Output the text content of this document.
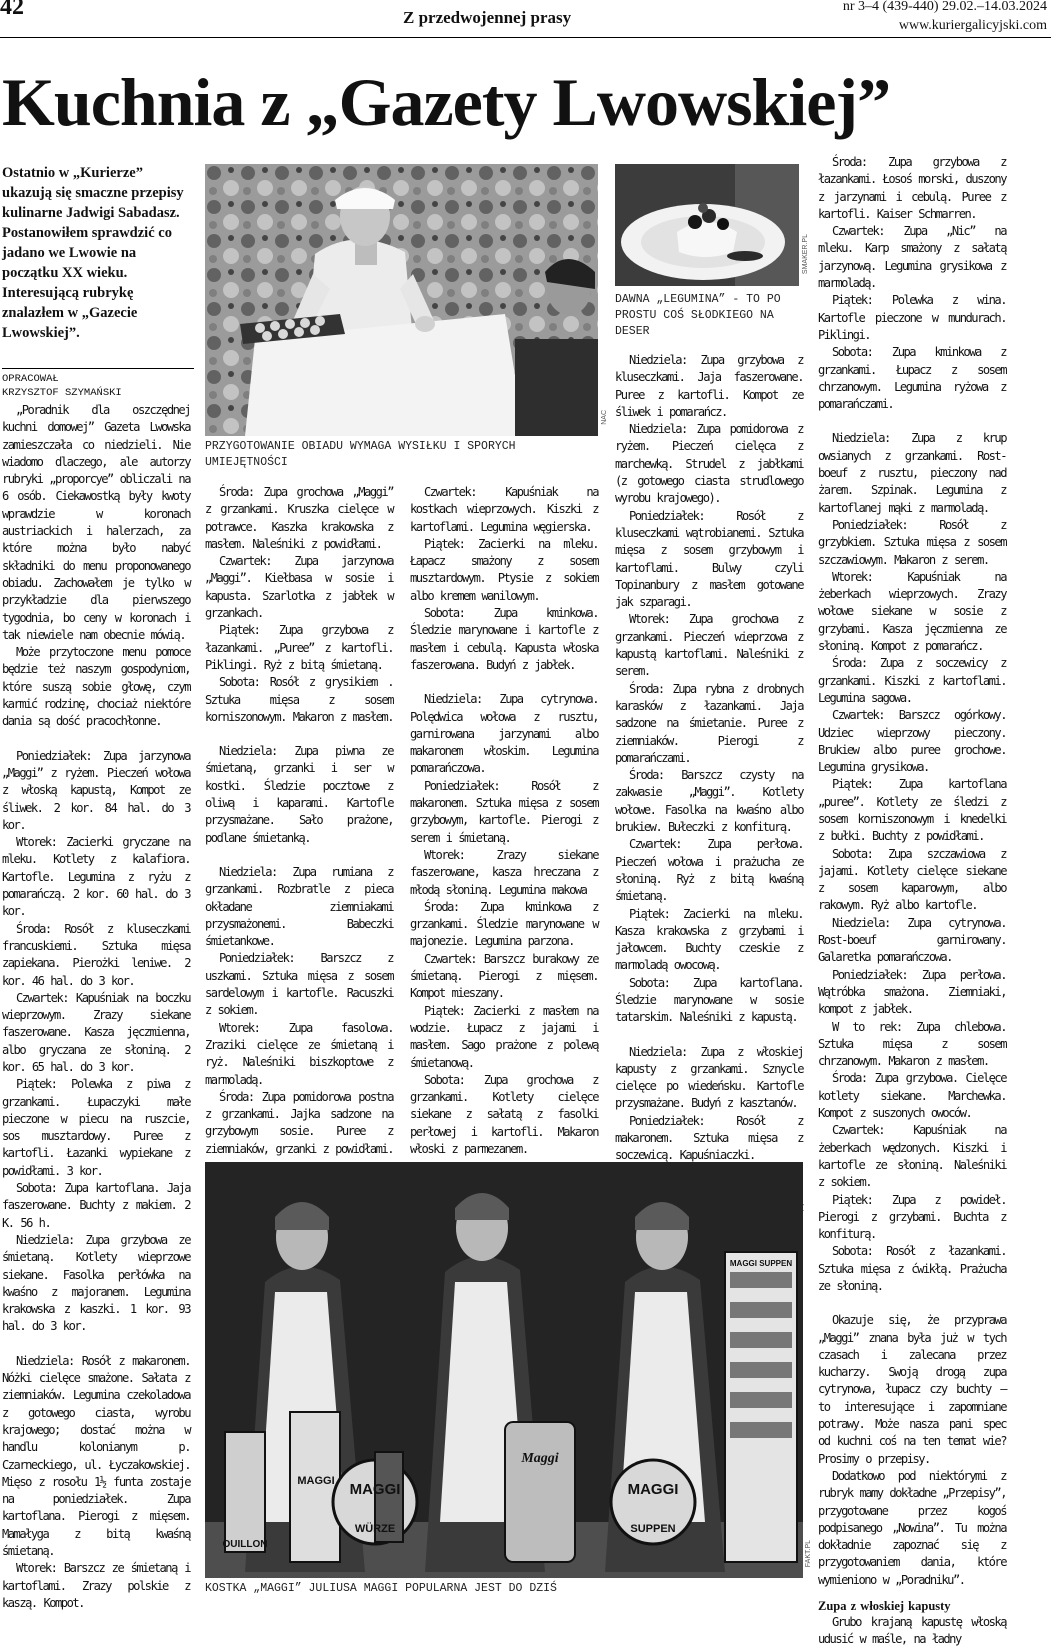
42	Z przedwojennej prasy
nr 3–4 (439-440) 29.02.–14.03.2024
www.kuriergalicyjski.com
Kuchnia z „Gazety Lwowskiej”
Ostatnio w „Kurierze” ukazują się smaczne przepisy kulinarne Jadwigi Sabadasz. Postanowiłem sprawdzić co jadano we Lwowie na początku XX wieku. Interesującą rubrykę znalazłem w „Gazecie Lwowskiej”.
OPRACOWAŁ
KRZYSZTOF SZYMAŃSKI

„Poradnik dla oszczędnej kuchni domowej” Gazeta Lwowska zamieszczała co niedzieli. Nie wiadomo dlaczego, ale autorzy rubryki „proporcye” obliczali na 6 osób. Ciekawostką były kwoty wprawdzie w koronach austriackich i halerzach, za które można było nabyć składniki do menu proponowanego obiadu. Zachowałem je tylko w przykładzie dla pierwszego tygodnia, bo ceny w koronach i tak niewiele nam obecnie mówią.

Może przytoczone menu pomoce będzie też naszym gospodyniom, które suszą sobie głowę, czym karmić rodzinę, chociaż niektóre dania są dość pracochłonne.

Poniedziałek: Zupa jarzynowa „Maggi” z ryżem. Pieczeń wołowa z włoską kapustą, Kompot ze śliwek. 2 kor. 84 hal. do 3 kor.

Wtorek: Zacierki gryczane na mleku. Kotlety z kalafiora. Kartofle. Legumina z ryżu z pomarańczą. 2 kor. 60 hal. do 3 kor.

Środa: Rosół z kluseczkami francuskiemi. Sztuka mięsa zapiekana. Pierożki leniwe. 2 kor. 46 hal. do 3 kor.

Czwartek: Kapuśniak na boczku wieprzowym. Zrazy siekane faszerowane. Kasza jęczmienna, albo gryczana ze słoniną. 2 kor. 65 hal. do 3 kor.

Piątek: Polewka z piwa z grzankami. Łupaczyki małe pieczone w piecu na ruszcie, sos musztardowy. Puree z kartofli. Łazanki wypiekane z powidłami. 3 kor.

Sobota: Zupa kartoflana. Jaja faszerowane. Buchty z makiem. 2 K. 56 h.

Niedziela: Zupa grzybowa ze śmietaną. Kotlety wieprzowe siekane. Fasolka perłówka na kwaśno z majoranem. Legumina krakowska z kaszki. 1 kor. 93 hal. do 3 kor.

Niedziela: Rosół z makaronem. Nóżki cielęce smażone. Sałata z ziemniaków. Legumina czekoladowa z gotowego ciasta, wyrobu krajowego; dostać można w handlu kolonianym p. Czarneckiego, ul. Łyczakowskiej. Mięso z rosołu 1½ funta zostaje na poniedziałek. Zupa kartoflana. Pierogi z mięsem. Mamałyga z bitą kwaśną śmietaną.

Wtorek: Barszcz ze śmietaną i kartoflami. Zrazy polskie z kaszą. Kompot.

NAC
PRZYGOTOWANIE OBIADU WYMAGA WYSIŁKU I SPORYCH UMIEJĘTNOŚCI
SMAKER.PL
DAWNA „LEGUMINA” - TO PO PROSTU COŚ SŁODKIEGO NA DESER

Środa: Zupa grochowa „Maggi” z grzankami. Kruszka cielęce w potrawce. Kaszka krakowska z masłem. Naleśniki z powidłami.

Czwartek: Zupa jarzynowa „Maggi”. Kiełbasa w sosie i kapusta. Szarlotka z jabłek w grzankach.

Piątek: Zupa grzybowa z łazankami. „Puree” z kartofli. Piklingi. Ryż z bitą śmietaną.

Sobota: Rosół z grysikiem . Sztuka mięsa z sosem korniszonowym. Makaron z masłem.

Niedziela: Zupa piwna ze śmietaną, grzanki i ser w kostki. Śledzie pocztowe z oliwą i kaparami. Kartofle przysmażane. Sało prażone, podlane śmietanką.

Niedziela: Zupa rumiana z grzankami. Rozbratle z pieca okładane ziemniakami przysmażonemi. Babeczki śmietankowe.

Poniedziałek: Barszcz z uszkami. Sztuka mięsa z sosem sardelowym i kartofle. Racuszki z sokiem.

Wtorek: Zupa fasolowa. Zraziki cielęce ze śmietaną i ryż. Naleśniki biszkoptowe z marmoladą.

Środa: Zupa pomidorowa postna z grzankami. Jajka sadzone na grzybowym sosie. Puree z ziemniaków, grzanki z powidłami.

Czwartek: Kapuśniak na kostkach wieprzowych. Kiszki z kartoflami. Legumina węgierska.

Piątek: Zacierki na mleku. Łapacz smażony z sosem musztardowym. Ptysie z sokiem albo kremem wanilowym.

Sobota: Zupa kminkowa. Śledzie marynowane i kartofle z masłem i cebulą. Kapusta włoska faszerowana. Budyń z jabłek.

Niedziela: Zupa cytrynowa. Polędwica wołowa z rusztu, garnirowana jarzynami albo makaronem włoskim. Legumina pomarańczowa.

Poniedziałek: Rosół z makaronem. Sztuka mięsa z sosem grzybowym, kartofle. Pierogi z serem i śmietaną.

Wtorek: Zrazy siekane faszerowane, kasza hreczana z młodą słoniną. Legumina makowa

Środa: Zupa kminkowa z grzankami. Śledzie marynowane w majonezie. Legumina parzona.

Czwartek: Barszcz burakowy ze śmietaną. Pierogi z mięsem. Kompot mieszany.

Piątek: Zacierki z masłem na wodzie. Łupacz z jajami i masłem. Sago prażone z polewą śmietanową.

Sobota: Zupa grochowa z grzankami. Kotlety cielęce siekane z sałatą z fasolki perłowej i kartofli. Makaron włoski z parmezanem.

Niedziela: Zupa grzybowa z kluseczkami. Jaja faszerowane. Puree z kartofli. Kompot ze śliwek i pomarańcz.

Niedziela: Zupa pomidorowa z ryżem. Pieczeń cielęca z marchewką. Strudel z jabłkami (z gotowego ciasta strudlowego wyrobu krajowego).

Poniedziałek: Rosół z kluseczkami wątrobianemi. Sztuka mięsa z sosem grzybowym i kartoflami. Bulwy czyli Topinanbury z masłem gotowane jak szparagi.

Wtorek: Zupa grochowa z grzankami. Pieczeń wieprzowa z kapustą kartoflami. Naleśniki z serem.

Środa: Zupa rybna z drobnych karasków z łazankami. Jaja sadzone na śmietanie. Puree z ziemniaków. Pierogi z pomarańczami.

Środa: Barszcz czysty na zakwasie „Maggi”. Kotlety wołowe. Fasolka na kwaśno albo brukiew. Bułeczki z konfiturą.

Czwartek: Zupa perłowa. Pieczeń wołowa i prażucha ze słoniną. Ryż z bitą kwaśną śmietaną.

Piątek: Zacierki na mleku. Kasza krakowska z grzybami i jałowcem. Buchty czeskie z marmoladą owocową.

Sobota: Zupa kartoflana. Śledzie marynowane w sosie tatarskim. Naleśniki z kapustą.

Niedziela: Zupa z włoskiej kapusty z grzankami. Sznycle cielęce po wiedeńsku. Kartofle przysmażane. Budyń z kasztanów.

Poniedziałek: Rosół z makaronem. Sztuka mięsa z soczewicą. Kapuśniaczki.

Środa: Zupa grzybowa z łazankami. Łosoś morski, duszony z jarzynami i cebulą. Puree z kartofli. Kaiser Schmarren.

Czwartek: Zupa „Nic” na mleku. Karp smażony z sałatą jarzynową. Legumina grysikowa z marmoladą.

Piątek: Polewka z wina. Kartofle pieczone w mundurach. Piklingi.

Sobota: Zupa kminkowa z grzankami. Łupacz z sosem chrzanowym. Legumina ryżowa z pomarańczami.

Niedziela: Zupa z krup owsianych z grzankami. Rost-boeuf z rusztu, pieczony nad żarem. Szpinak. Legumina z kartoflanej mąki z marmoladą.

Poniedziałek: Rosół z grzybkiem. Sztuka mięsa z sosem szczawiowym. Makaron z serem.

Wtorek: Kapuśniak na żeberkach wieprzowych. Zrazy wołowe siekane w sosie z grzybami. Kasza jęczmienna ze słoniną. Kompot z pomarańcz.

Środa: Zupa z soczewicy z grzankami. Kiszki z kartoflami. Legumina sagowa.

Czwartek: Barszcz ogórkowy. Udziec wieprzowy pieczony. Brukiew albo puree grochowe. Legumina grysikowa.

Piątek: Zupa kartoflana „puree”. Kotlety ze śledzi z sosem korniszonowym i knedelki z bułki. Buchty z powidłami.

Sobota: Zupa szczawiowa z jajami. Kotlety cielęce siekane z sosem kaparowym, albo rakowym. Ryż albo kartofle.

Niedziela: Zupa cytrynowa. Rost-boeuf garnirowany. Galaretka pomarańczowa.

Poniedziałek: Zupa perłowa. Wątróbka smażona. Ziemniaki, kompot z jabłek.

W to rek: Zupa chlebowa. Sztuka mięsa z sosem chrzanowym. Makaron z masłem.

Środa: Zupa grzybowa. Cielęce kotlety siekane. Marchewka. Kompot z suszonych owoców.

Czwartek: Kapuśniak na żeberkach wędzonych. Kiszki i kartofle ze słoniną. Naleśniki z sokiem.

Piątek: Zupa z powideł. Pierogi z grzybami. Buchta z konfiturą.

Sobota: Rosół z łazankami. Sztuka mięsa z ćwikłą. Prażucha ze słoniną.

Okazuje się, że przyprawa „Maggi” znana była już w tych czasach i zalecana przez kucharzy. Swoją drogą zupa cytrynowa, łupacz czy buchty – to interesujące i zapomniane potrawy. Może nasza pani spec od kuchni coś na ten temat wie? Prosimy o przepisy.

Dodatkowo pod niektórymi z rubryk mamy dokładne „Przepisy”, przygotowane przez kogoś podpisanego „Nowina”. Tu można dokładnie zapoznać się z przygotowaniem dania, które wymieniono w „Poradniku”.

Zupa z włoskiej kapusty

Grubo krajaną kapustę włoską udusić w maśle, na ładny

MAGGI MAGGI	MAGGI
Maggi
WÜRZE	SUPPEN
OUILLON
MAGGI SUPPEN
FAKT.PL
KOSTKA „MAGGI” JULIUSA MAGGI POPULARNA JEST DO DZIŚ
